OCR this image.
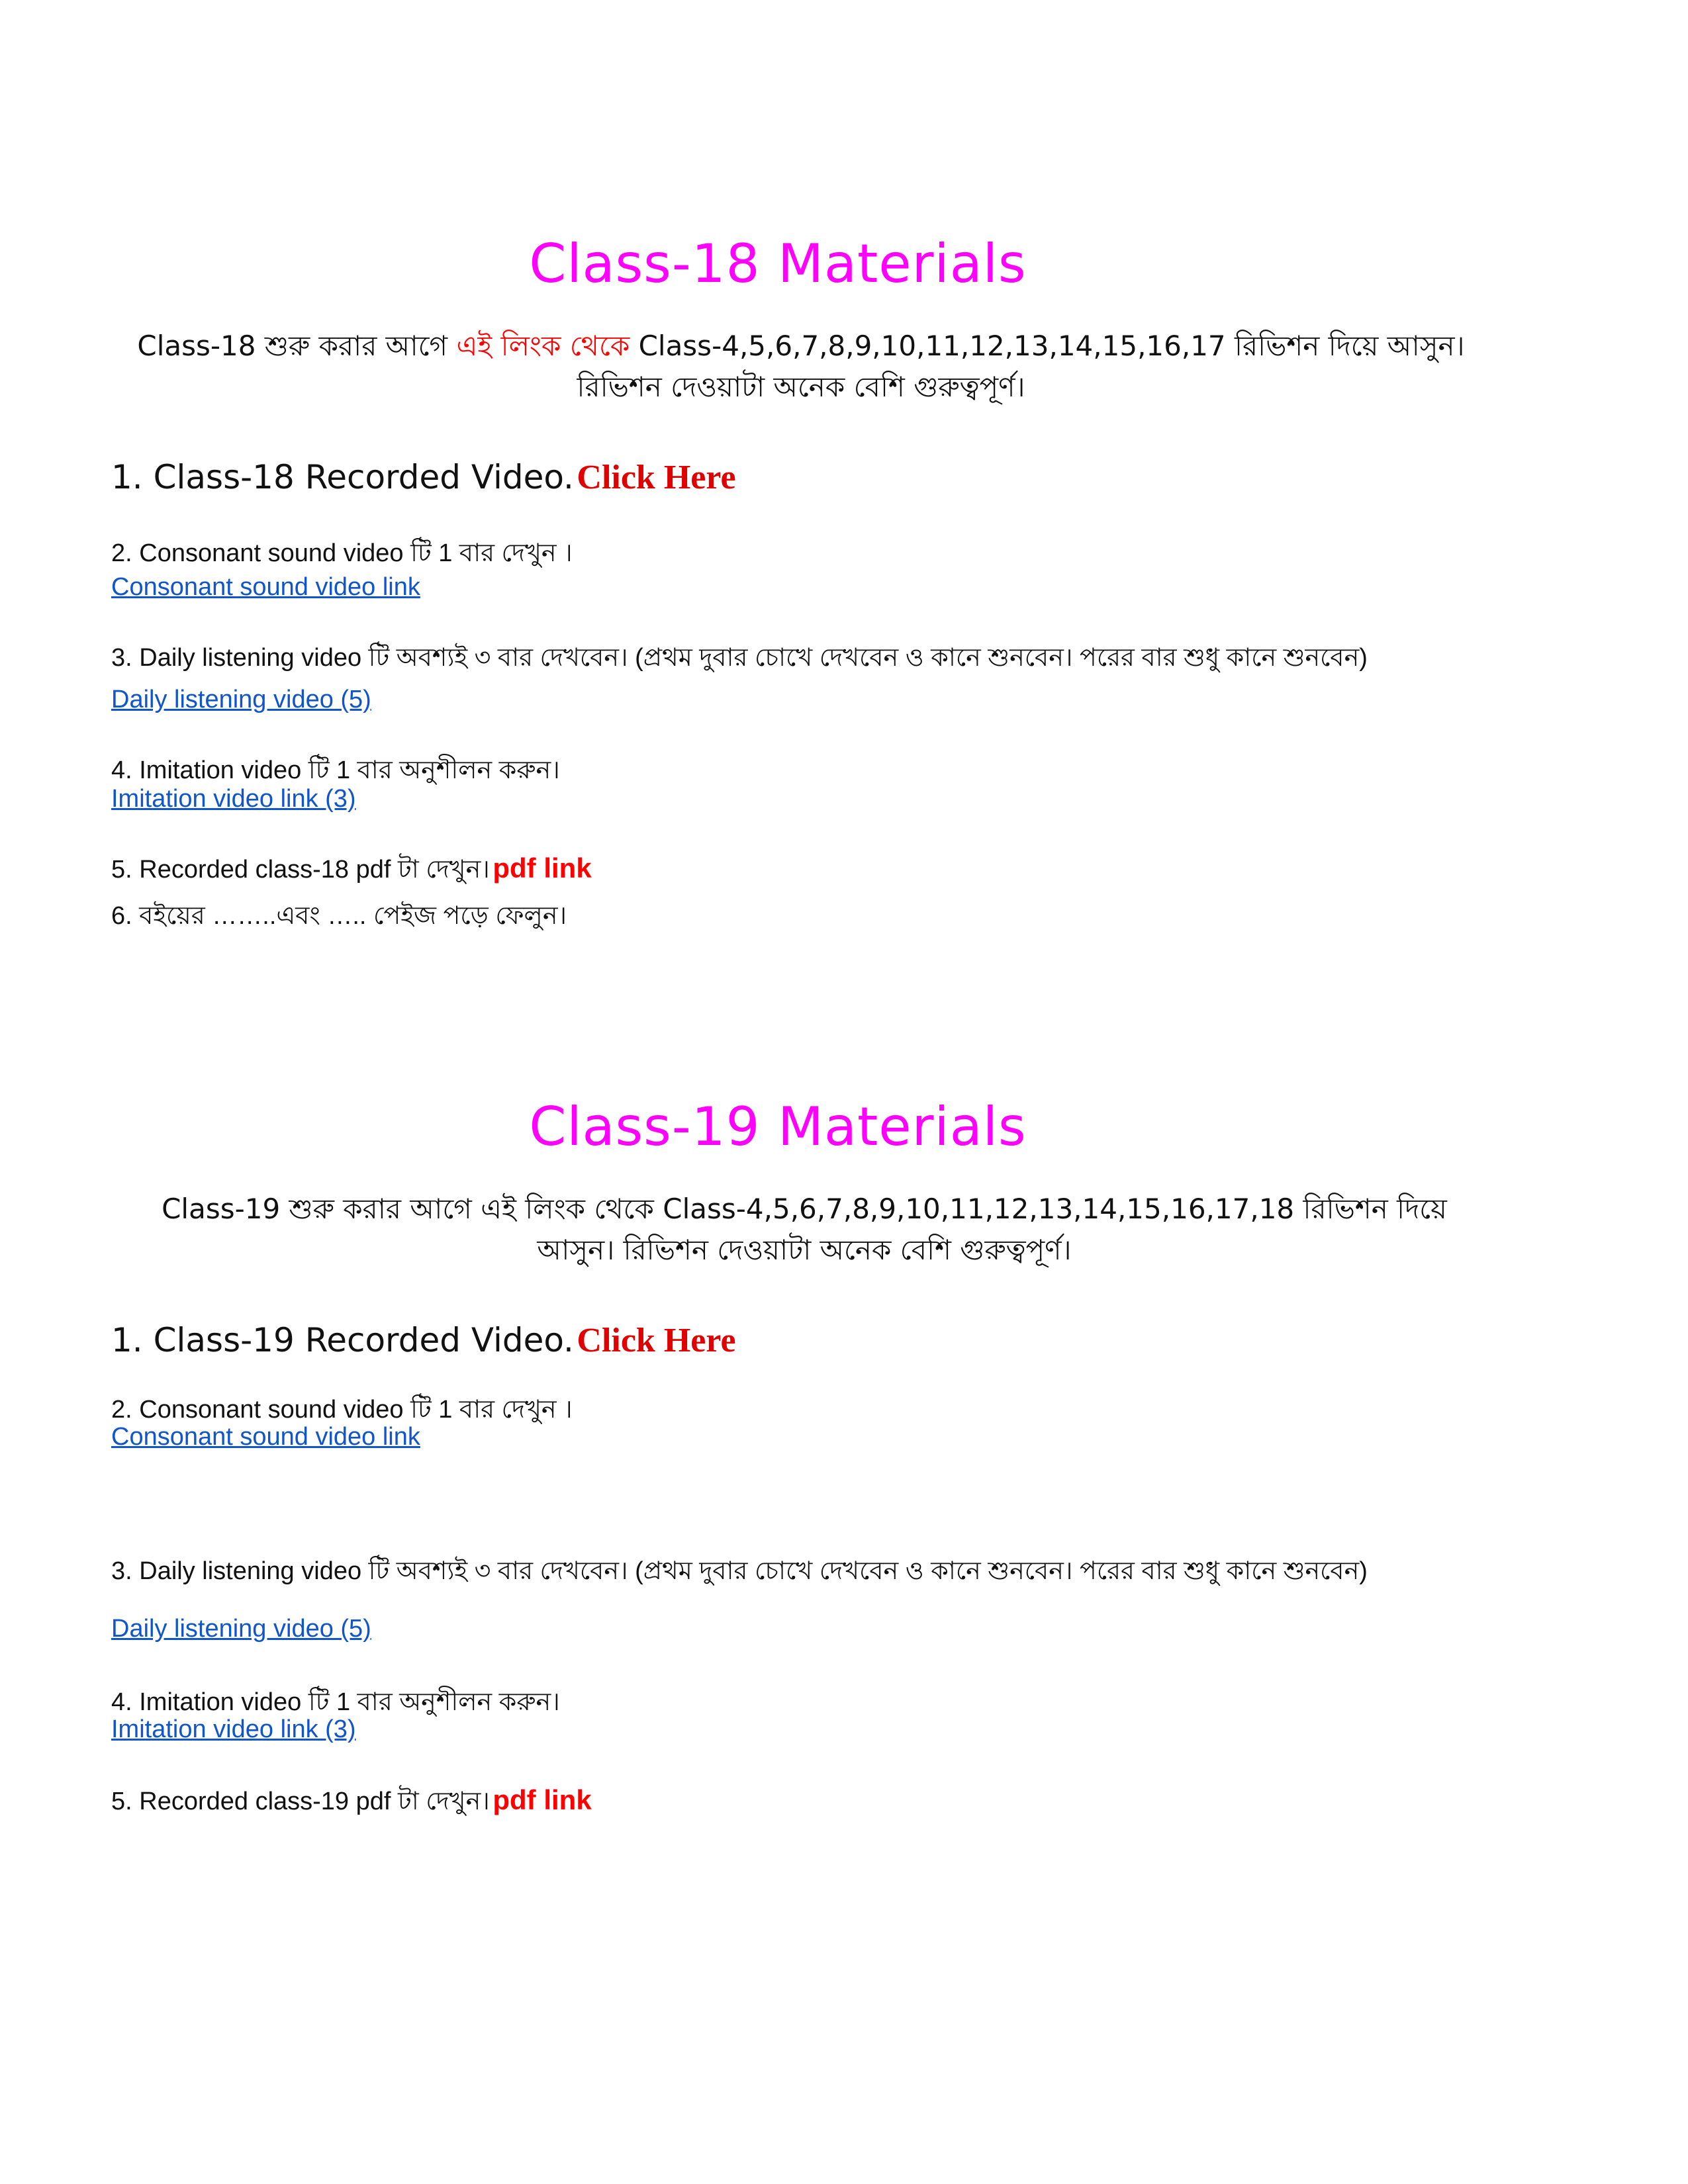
Class-18 Materials
Class-18 শুরু করার আগে এই লিংক থেকে Class-4,5,6,7,8,9,10,11,12,13,14,15,16,17 রিভিশন দিয়ে আসুন। রিভিশন দেওয়াটা অনেক বেশি গুরুত্বপূর্ণ।
1. Class-18 Recorded Video. Click Here
2. Consonant sound video টি 1 বার দেখুন ।
Consonant sound video link
3. Daily listening video টি অবশ্যই ৩ বার দেখবেন। (প্রথম দুবার চোখে দেখবেন ও কানে শুনবেন। পরের বার শুধু কানে শুনবেন)
Daily listening video (5)
4. Imitation video টি 1 বার অনুশীলন করুন।
Imitation video link (3)
5. Recorded class-18 pdf টা দেখুন। pdf link
6. বইয়ের ……..এবং ….. পেইজ পড়ে ফেলুন।
Class-19 Materials
Class-19 শুরু করার আগে এই লিংক থেকে Class-4,5,6,7,8,9,10,11,12,13,14,15,16,17,18 রিভিশন দিয়ে আসুন। রিভিশন দেওয়াটা অনেক বেশি গুরুত্বপূর্ণ।
1. Class-19 Recorded Video. Click Here
2. Consonant sound video টি 1 বার দেখুন ।
Consonant sound video link
3. Daily listening video টি অবশ্যই ৩ বার দেখবেন। (প্রথম দুবার চোখে দেখবেন ও কানে শুনবেন। পরের বার শুধু কানে শুনবেন)
Daily listening video (5)
4. Imitation video টি 1 বার অনুশীলন করুন।
Imitation video link (3)
5. Recorded class-19 pdf টা দেখুন। pdf link
